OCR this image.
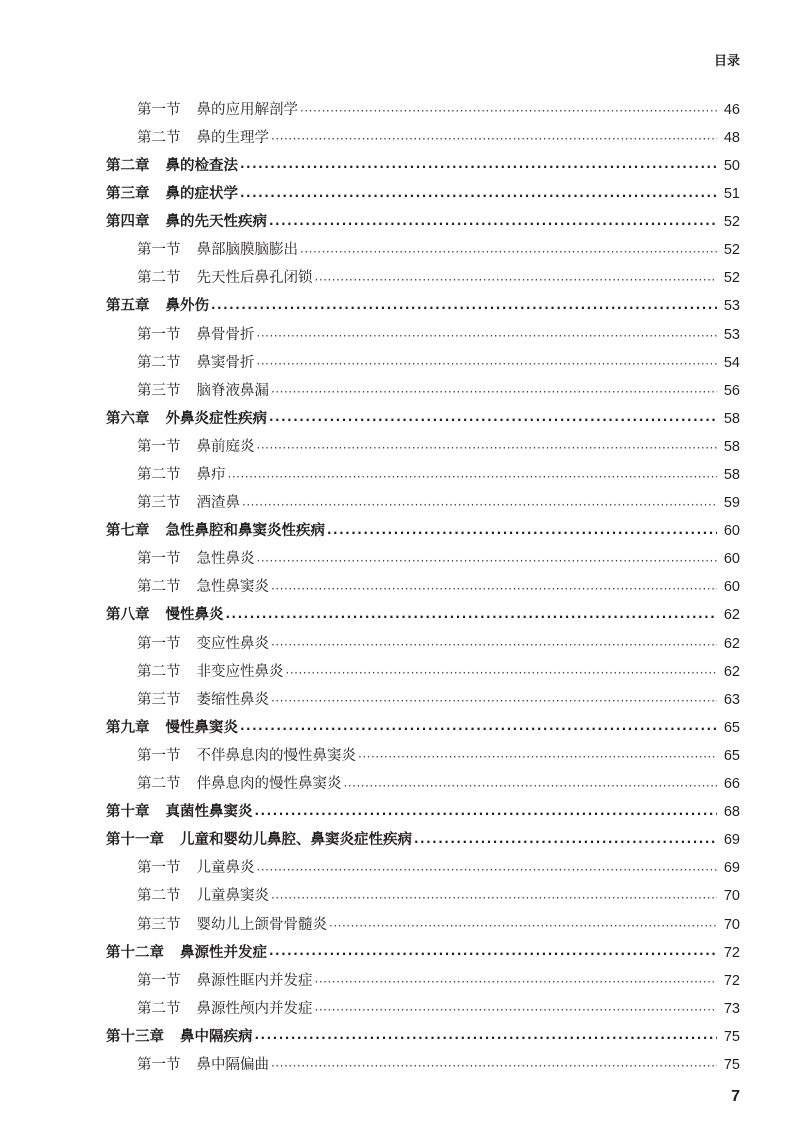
目录
第一节 鼻的应用解剖学 ·····	46
第二节 鼻的生理学 ·····	48
第二章 鼻的检查法 ·····	50
第三章 鼻的症状学 ·····	51
第四章 鼻的先天性疾病 ·····	52
第一节 鼻部脑膜脑膨出 ·····	52
第二节 先天性后鼻孔闭锁 ·····	52
第五章 鼻外伤 ·····	53
第一节 鼻骨骨折 ·····	53
第二节 鼻窦骨折 ·····	54
第三节 脑脊液鼻漏 ·····	56
第六章 外鼻炎症性疾病 ·····	58
第一节 鼻前庭炎 ·····	58
第二节 鼻疖 ·····	58
第三节 酒渣鼻 ·····	59
第七章 急性鼻腔和鼻窦炎性疾病 ·····	60
第一节 急性鼻炎 ·····	60
第二节 急性鼻窦炎 ·····	60
第八章 慢性鼻炎 ·····	62
第一节 变应性鼻炎 ·····	62
第二节 非变应性鼻炎 ·····	62
第三节 萎缩性鼻炎 ·····	63
第九章 慢性鼻窦炎 ·····	65
第一节 不伴鼻息肉的慢性鼻窦炎 ·····	65
第二节 伴鼻息肉的慢性鼻窦炎 ·····	66
第十章 真菌性鼻窦炎 ·····	68
第十一章 儿童和婴幼儿鼻腔、鼻窦炎症性疾病 ·····	69
第一节 儿童鼻炎 ·····	69
第二节 儿童鼻窦炎 ·····	70
第三节 婴幼儿上颌骨骨髓炎 ·····	70
第十二章 鼻源性并发症 ·····	72
第一节 鼻源性眶内并发症 ·····	72
第二节 鼻源性颅内并发症 ·····	73
第十三章 鼻中隔疾病 ·····	75
第一节 鼻中隔偏曲 ·····	75
7
